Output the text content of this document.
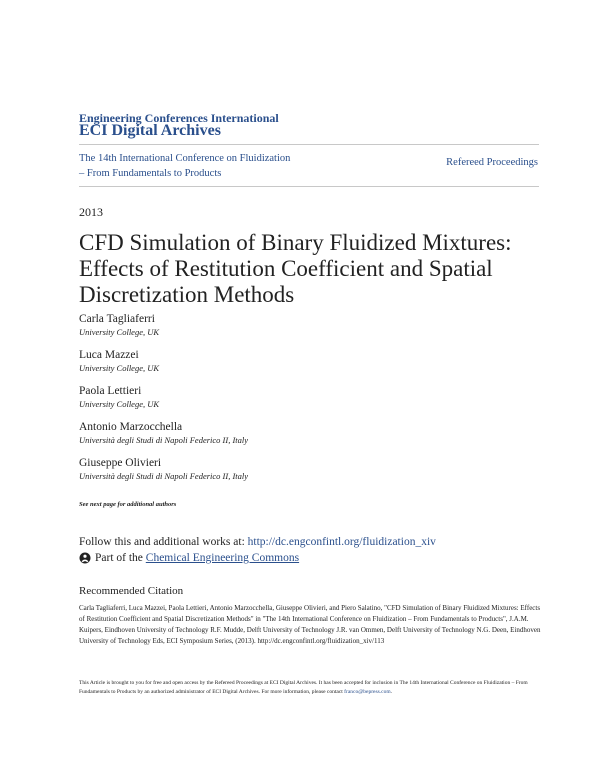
Engineering Conferences International
ECI Digital Archives
The 14th International Conference on Fluidization
– From Fundamentals to Products
Refereed Proceedings
2013
CFD Simulation of Binary Fluidized Mixtures:
Effects of Restitution Coefficient and Spatial
Discretization Methods
Carla Tagliaferri
University College, UK
Luca Mazzei
University College, UK
Paola Lettieri
University College, UK
Antonio Marzocchella
Università degli Studi di Napoli Federico II, Italy
Giuseppe Olivieri
Università degli Studi di Napoli Federico II, Italy
See next page for additional authors
Follow this and additional works at: http://dc.engconfintl.org/fluidization_xiv
Part of the
Chemical Engineering Commons
Recommended Citation
Carla Tagliaferri, Luca Mazzei, Paola Lettieri, Antonio Marzocchella, Giuseppe Olivieri, and Piero Salatino, "CFD Simulation of Binary Fluidized Mixtures: Effects of Restitution Coefficient and Spatial Discretization Methods" in "The 14th International Conference on Fluidization – From Fundamentals to Products", J.A.M. Kuipers, Eindhoven University of Technology R.F. Mudde, Delft University of Technology J.R. van Ommen, Delft University of Technology N.G. Deen, Eindhoven University of Technology Eds, ECI Symposium Series, (2013). http://dc.engconfintl.org/fluidization_xiv/113
This Article is brought to you for free and open access by the Refereed Proceedings at ECI Digital Archives. It has been accepted for inclusion in The 14th International Conference on Fluidization – From Fundamentals to Products by an authorized administrator of ECI Digital Archives. For more information, please contact franco@bepress.com.
